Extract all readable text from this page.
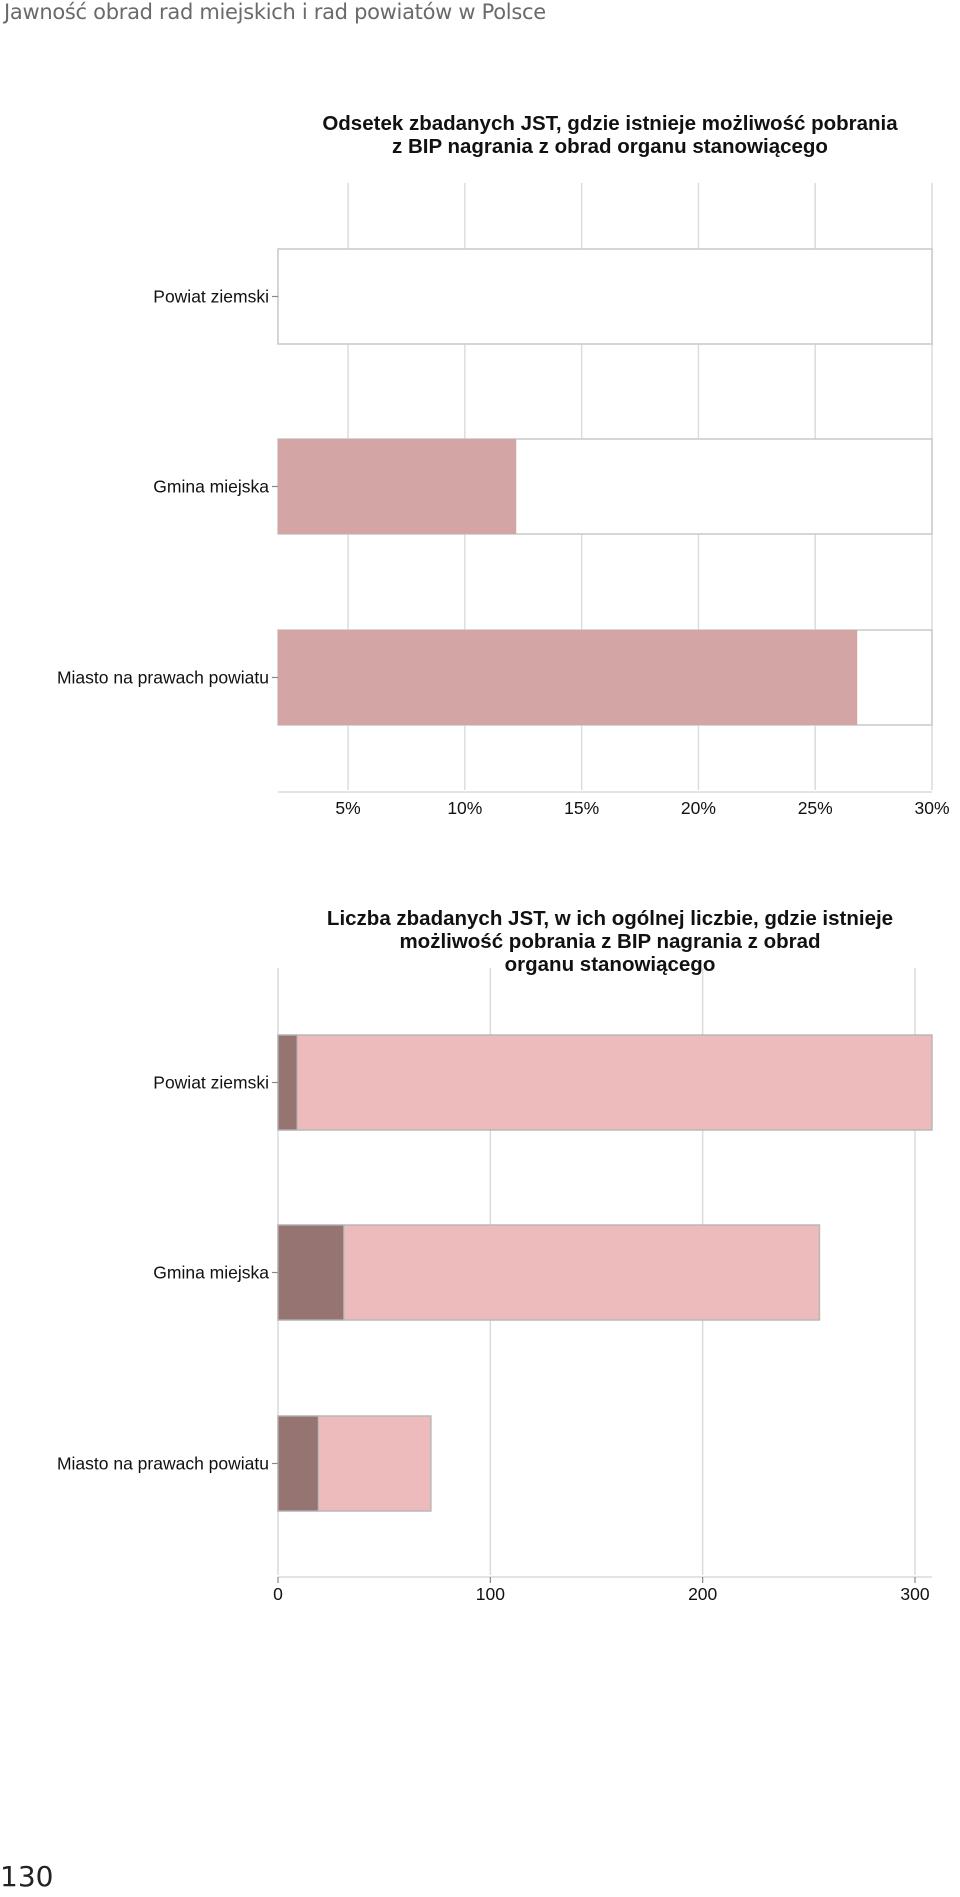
Jawność obrad rad miejskich i rad powiatów w Polsce
Odsetek zbadanych JST, gdzie istnieje możliwość pobrania
z BIP nagrania z obrad organu stanowiącego
Powiat ziemski
Gmina miejska
Miasto na prawach powiatu
5%	10%	15%	20%	25%	30%
Liczba zbadanych JST, w ich ogólnej liczbie, gdzie istnieje
możliwość pobrania z BIP nagrania z obrad
organu stanowiącego
Powiat ziemski
Gmina miejska
Miasto na prawach powiatu
0	100	200	300
130
